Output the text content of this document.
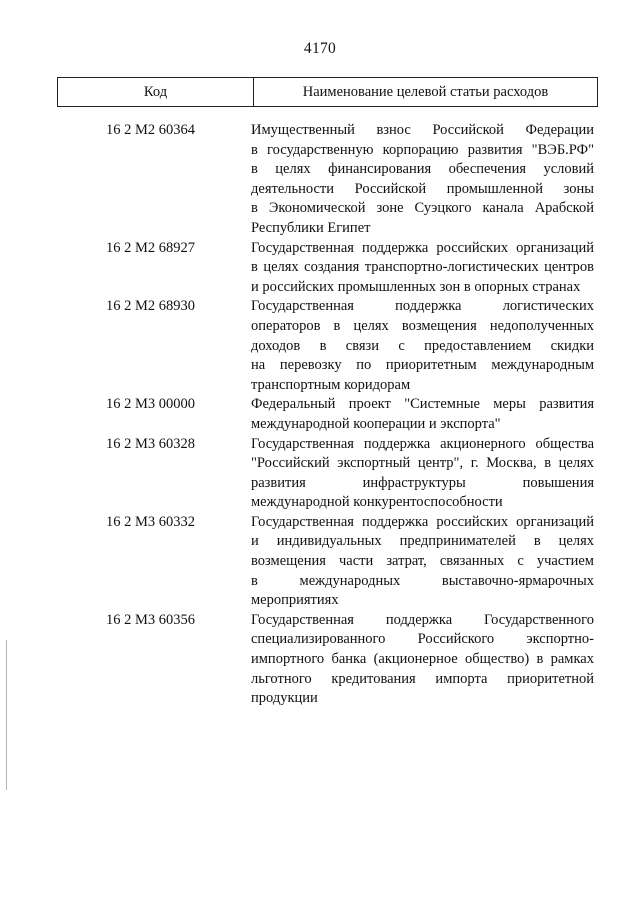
4170
Код	Наименование целевой статьи расходов
16 2 М2 60364	Имущественный взнос Российской Федерации
в государственную корпорацию развития "ВЭБ.РФ"
в целях финансирования обеспечения условий
деятельности Российской промышленной зоны
в Экономической зоне Суэцкого канала Арабской
Республики Египет
16 2 М2 68927	Государственная поддержка российских организаций
в целях создания транспортно-логистических центров
и российских промышленных зон в опорных странах
16 2 М2 68930	Государственная поддержка логистических
операторов в целях возмещения недополученных
доходов в связи с предоставлением скидки
на перевозку по приоритетным международным
транспортным коридорам
16 2 М3 00000	Федеральный проект "Системные меры развития
международной кооперации и экспорта"
16 2 М3 60328	Государственная поддержка акционерного общества
"Российский экспортный центр", г. Москва, в целях
развития инфраструктуры повышения
международной конкурентоспособности
16 2 М3 60332	Государственная поддержка российских организаций
и индивидуальных предпринимателей в целях
возмещения части затрат, связанных с участием
в международных выставочно-ярмарочных
мероприятиях
16 2 М3 60356	Государственная поддержка Государственного
специализированного Российского экспортно-
импортного банка (акционерное общество) в рамках
льготного кредитования импорта приоритетной
продукции
